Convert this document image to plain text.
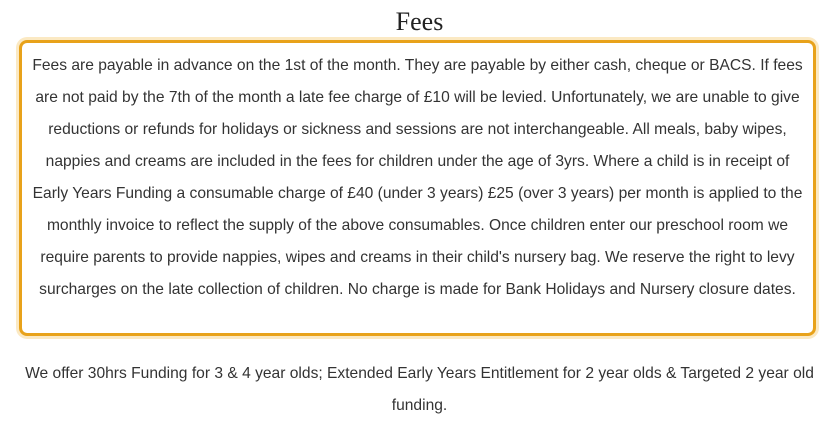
Fees

Fees are payable in advance on the 1st of the month. They are payable by either cash, cheque or BACS. If fees are not paid by the 7th of the month a late fee charge of £10 will be levied. Unfortunately, we are unable to give reductions or refunds for holidays or sickness and sessions are not interchangeable. All meals, baby wipes, nappies and creams are included in the fees for children under the age of 3yrs. Where a child is in receipt of Early Years Funding a consumable charge of £40 (under 3 years) £25 (over 3 years) per month is applied to the monthly invoice to reflect the supply of the above consumables. Once children enter our preschool room we require parents to provide nappies, wipes and creams in their child's nursery bag. We reserve the right to levy surcharges on the late collection of children. No charge is made for Bank Holidays and Nursery closure dates.

We offer 30hrs Funding for 3 & 4 year olds; Extended Early Years Entitlement for 2 year olds & Targeted 2 year old funding.
